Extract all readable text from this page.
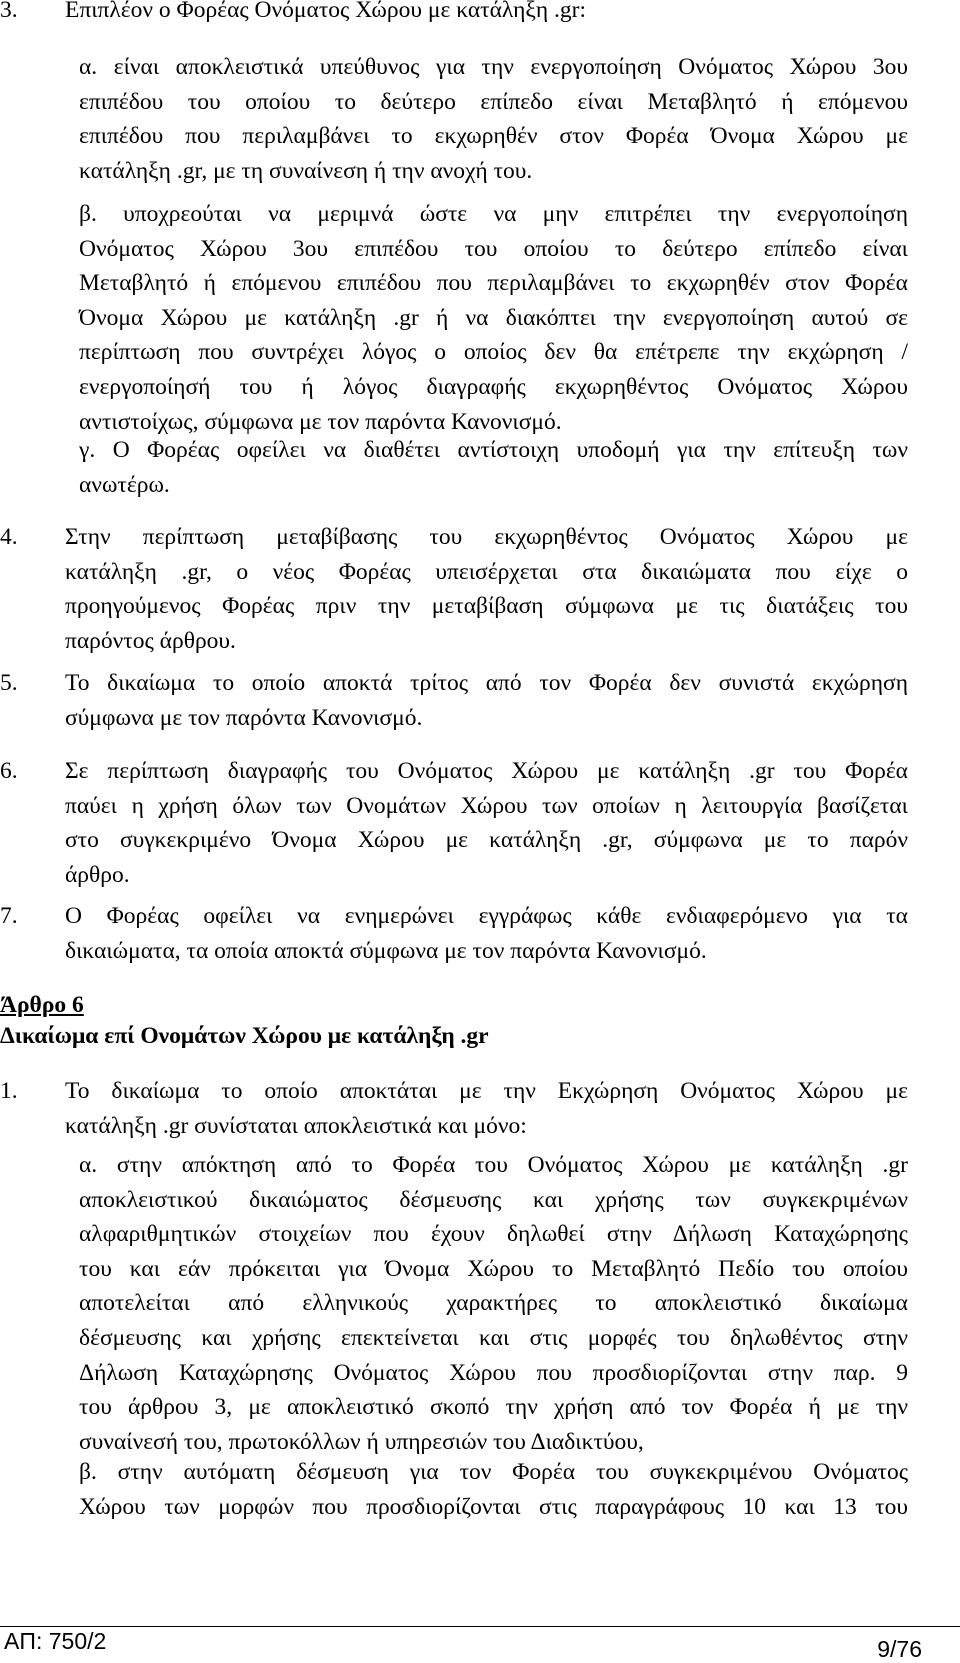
3. Επιπλέον ο Φορέας Ονόματος Χώρου με κατάληξη .gr:
α. είναι αποκλειστικά υπεύθυνος για την ενεργοποίηση Ονόματος Χώρου 3ου
επιπέδου του οποίου το δεύτερο επίπεδο είναι Μεταβλητό ή επόμενου
επιπέδου που περιλαμβάνει το εκχωρηθέν στον Φορέα Όνομα Χώρου με
κατάληξη .gr, με τη συναίνεση ή την ανοχή του.
β. υποχρεούται να μεριμνά ώστε να μην επιτρέπει την ενεργοποίηση
Ονόματος Χώρου 3ου επιπέδου του οποίου το δεύτερο επίπεδο είναι
Μεταβλητό ή επόμενου επιπέδου που περιλαμβάνει το εκχωρηθέν στον Φορέα
Όνομα Χώρου με κατάληξη .gr ή να διακόπτει την ενεργοποίηση αυτού σε
περίπτωση που συντρέχει λόγος ο οποίος δεν θα επέτρεπε την εκχώρηση /
ενεργοποίησή του ή λόγος διαγραφής εκχωρηθέντος Ονόματος Χώρου
αντιστοίχως, σύμφωνα με τον παρόντα Κανονισμό.
γ. Ο Φορέας οφείλει να διαθέτει αντίστοιχη υποδομή για την επίτευξη των
ανωτέρω.
4. Στην περίπτωση μεταβίβασης του εκχωρηθέντος Ονόματος Χώρου με
κατάληξη .gr, ο νέος Φορέας υπεισέρχεται στα δικαιώματα που είχε ο
προηγούμενος Φορέας πριν την μεταβίβαση σύμφωνα με τις διατάξεις του
παρόντος άρθρου.
5. Το δικαίωμα το οποίο αποκτά τρίτος από τον Φορέα δεν συνιστά εκχώρηση
σύμφωνα με τον παρόντα Κανονισμό.
6. Σε περίπτωση διαγραφής του Ονόματος Χώρου με κατάληξη .gr του Φορέα
παύει η χρήση όλων των Ονομάτων Χώρου των οποίων η λειτουργία βασίζεται
στο συγκεκριμένο Όνομα Χώρου με κατάληξη .gr, σύμφωνα με το παρόν
άρθρο.
7. Ο Φορέας οφείλει να ενημερώνει εγγράφως κάθε ενδιαφερόμενο για τα
δικαιώματα, τα οποία αποκτά σύμφωνα με τον παρόντα Κανονισμό.
Άρθρο 6
Δικαίωμα επί Ονομάτων Χώρου με κατάληξη .gr
1. Το δικαίωμα το οποίο αποκτάται με την Εκχώρηση Ονόματος Χώρου με
κατάληξη .gr συνίσταται αποκλειστικά και μόνο:
α. στην απόκτηση από το Φορέα του Ονόματος Χώρου με κατάληξη .gr
αποκλειστικού δικαιώματος δέσμευσης και χρήσης των συγκεκριμένων
αλφαριθμητικών στοιχείων που έχουν δηλωθεί στην Δήλωση Καταχώρησης
του και εάν πρόκειται για Όνομα Χώρου το Μεταβλητό Πεδίο του οποίου
αποτελείται από ελληνικούς χαρακτήρες το αποκλειστικό δικαίωμα
δέσμευσης και χρήσης επεκτείνεται και στις μορφές του δηλωθέντος στην
Δήλωση Καταχώρησης Ονόματος Χώρου που προσδιορίζονται στην παρ. 9
του άρθρου 3, με αποκλειστικό σκοπό την χρήση από τον Φορέα ή με την
συναίνεσή του, πρωτοκόλλων ή υπηρεσιών του Διαδικτύου,
β. στην αυτόματη δέσμευση για τον Φορέα του συγκεκριμένου Ονόματος
Χώρου των μορφών που προσδιορίζονται στις παραγράφους 10 και 13 του
ΑΠ: 750/2	9/76
